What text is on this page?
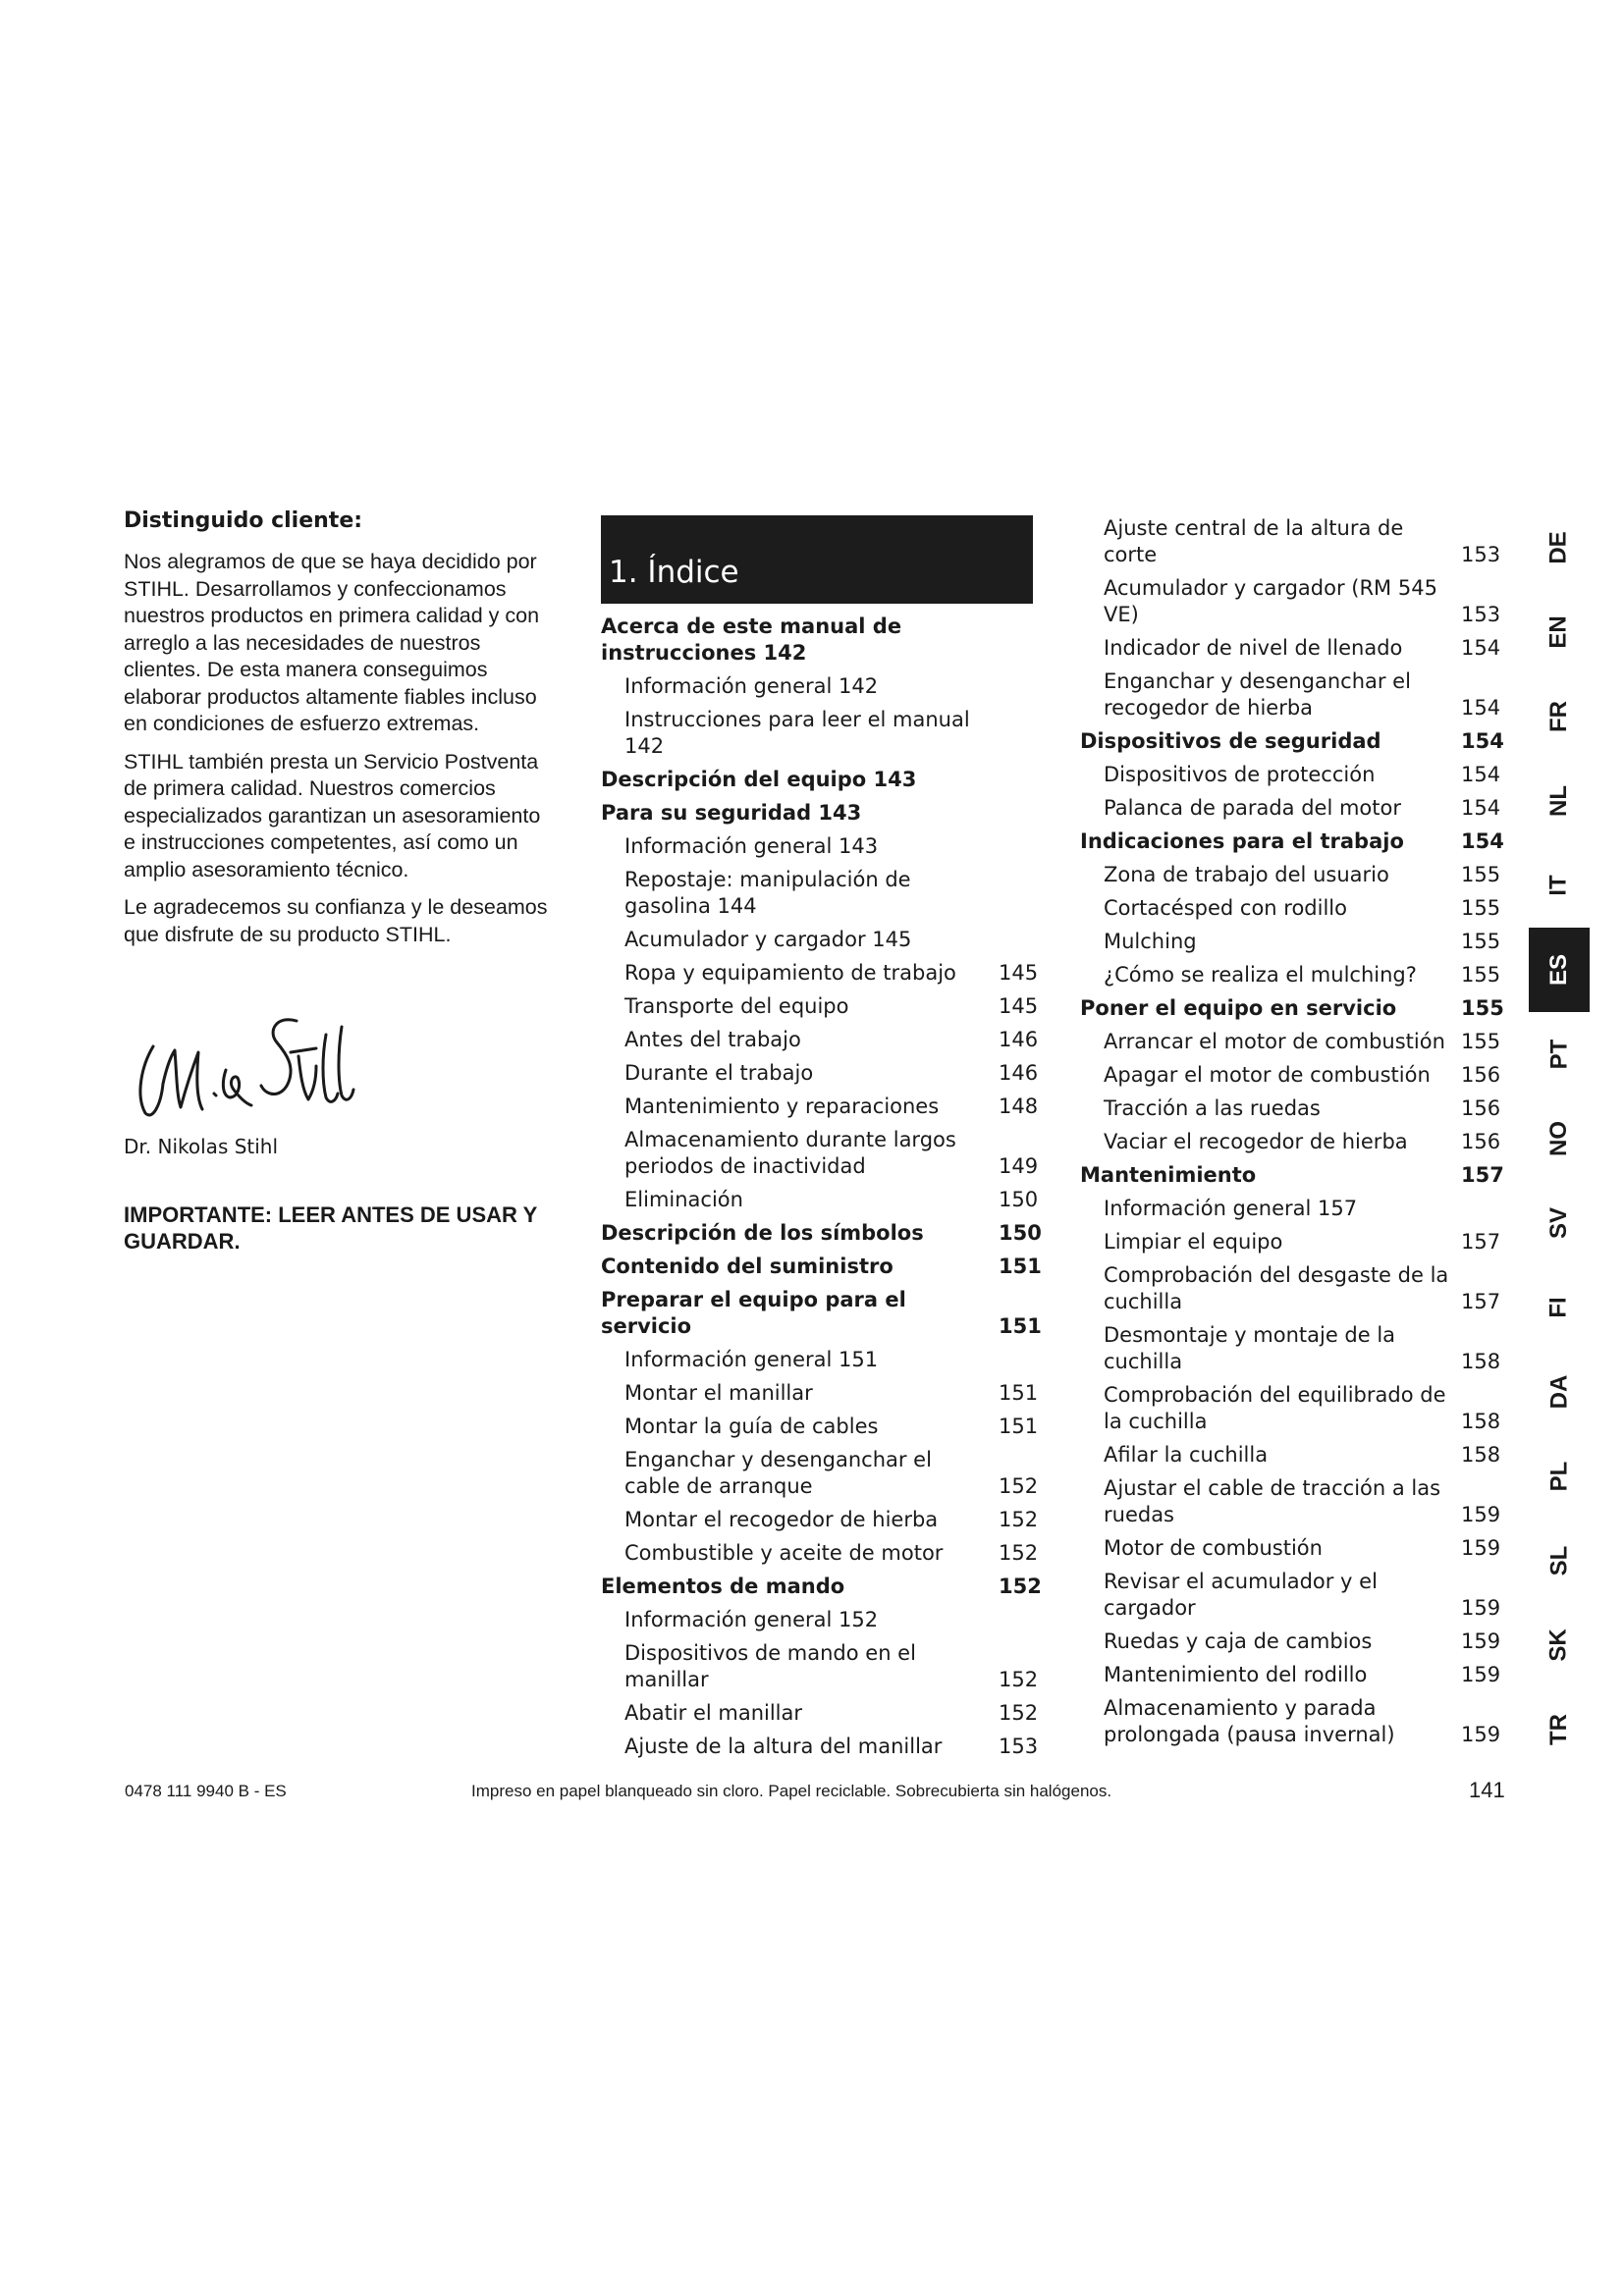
Distinguido cliente:

Nos alegramos de que se haya decidido por STIHL. Desarrollamos y confeccionamos nuestros productos en primera calidad y con arreglo a las necesidades de nuestros clientes. De esta manera conseguimos elaborar productos altamente fiables incluso en condiciones de esfuerzo extremas.

STIHL también presta un Servicio Postventa de primera calidad. Nuestros comercios especializados garantizan un asesoramiento e instrucciones competentes, así como un amplio asesoramiento técnico.

Le agradecemos su confianza y le deseamos que disfrute de su producto STIHL.

Dr. Nikolas Stihl
IMPORTANTE: LEER ANTES DE USAR Y GUARDAR.
1. Índice
Acerca de este manual de instrucciones 142
Información general 142
Instrucciones para leer el manual 142
Descripción del equipo 143
Para su seguridad 143
Información general 143
Repostaje: manipulación de gasolina 144
Acumulador y cargador 145
Ropa y equipamiento de trabajo	145
Transporte del equipo	145
Antes del trabajo	146
Durante el trabajo	146
Mantenimiento y reparaciones	148
Almacenamiento durante largos periodos de inactividad	149
Eliminación	150
Descripción de los símbolos	150
Contenido del suministro	151
Preparar el equipo para el servicio	151
Información general 151
Montar el manillar	151
Montar la guía de cables	151
Enganchar y desenganchar el cable de arranque	152
Montar el recogedor de hierba	152
Combustible y aceite de motor	152
Elementos de mando	152
Información general 152
Dispositivos de mando en el manillar	152
Abatir el manillar	152
Ajuste de la altura del manillar	153
Ajuste central de la altura de corte	153
Acumulador y cargador (RM 545 VE)	153
Indicador de nivel de llenado	154
Enganchar y desenganchar el recogedor de hierba	154
Dispositivos de seguridad	154
Dispositivos de protección	154
Palanca de parada del motor	154
Indicaciones para el trabajo	154
Zona de trabajo del usuario	155
Cortacésped con rodillo	155
Mulching	155
¿Cómo se realiza el mulching?	155
Poner el equipo en servicio	155
Arrancar el motor de combustión 155
Apagar el motor de combustión	156
Tracción a las ruedas	156
Vaciar el recogedor de hierba	156
Mantenimiento	157
Información general 157
Limpiar el equipo	157
Comprobación del desgaste de la cuchilla	157
Desmontaje y montaje de la cuchilla	158
Comprobación del equilibrado de la cuchilla	158
Afilar la cuchilla	158
Ajustar el cable de tracción a las ruedas	159
Motor de combustión	159
Revisar el acumulador y el cargador	159
Ruedas y caja de cambios	159
Mantenimiento del rodillo	159
Almacenamiento y parada prolongada (pausa invernal)	159
DE
EN
FR
NL
IT
ES
PT
NO
SV
FI
DA
PL
SL
SK
TR
0478 111 9940 B - ES	Impreso en papel blanqueado sin cloro. Papel reciclable. Sobrecubierta sin halógenos.	141
